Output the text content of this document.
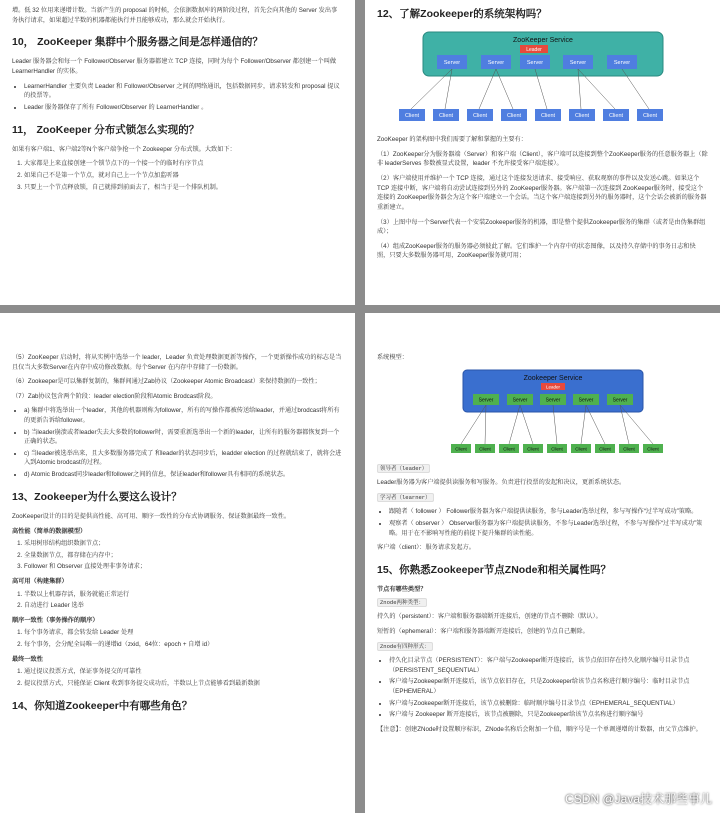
增。低 32 位用来递增计数。当新产生的 proposal 的时候，会依据数据库的两阶段过程，首先会向其他的 Server 发出事务执行请求，如果超过半数的机器都能执行并且能够成功，那么就会开始执行。

10， ZooKeeper 集群中个服务器之间是怎样通信的？

Leader 服务器会和每一个 Follower/Observer 服务器都建立 TCP 连接，同时为每个 Follower/Observer 都创建一个叫做 LearnerHandler 的实体。

• LearnerHandler 主要负责 Leader 和 Follower/Observer 之间的网络通讯，包括数据同步，请求转发和 proposal 提议的投票等。
• Leader 服务器保存了所有 Follower/Observer 的 LearnerHandler 。
11， ZooKeeper 分布式锁怎么实现的？

如果有客户端1、客户端2等N个客户端争抢一个 Zookeeper 分布式锁。大致如下：

1. 大家都是上来直接创建一个锁节点下的一个接一个的临时有序节点
2. 如果自己不是第一个节点，就对自己上一个节点加监听器
3. 只要上一个节点释放锁，自己就排到前面去了，相当于是一个排队机制。
12、了解Zookeeper的系统架构吗？
ZooKeeper Service
Leader
Server	Server	Server	Server	Server
Client	Client	Client	Client	Client	Client	Client	Client

ZooKeeper 的架构图中我们需要了解和掌握的主要有：

（1）ZooKeeper分为服务器端（Server）和客户端（Client），客户端可以连接到整个ZooKeeper服务的任意服务器上（除非 leaderServes 参数被显式设置，leader 不允许接受客户端连接）。

（2）客户端使用并维护一个 TCP 连接，通过这个连接发送请求、接受响应、获取观察的事件以及发送心跳。如果这个 TCP 连接中断，客户端将自动尝试连接到另外的 ZooKeeper服务器。客户端第一次连接到 ZooKeeper服务时，接受这个连接的 ZooKeeper服务器会为这个客户端建立一个会话。当这个客户端连接到另外的服务器时，这个会话会被新的服务器重新建立。

（3）上图中每一个Server代表一个安装Zookeeper服务的机器，即是整个提供Zookeeper服务的集群（或者是由伪集群组成）；

（4）组成ZooKeeper服务的服务器必须彼此了解。它们维护一个内存中的状态图像，以及持久存储中的事务日志和快照，只要大多数服务器可用，ZooKeeper服务就可用；

（5）ZooKeeper 启动时，将从实例中选举一个 leader，Leader 负责处理数据更新等操作，一个更新操作成功的标志是当且仅当大多数Server在内存中成功修改数据。每个Server 在内存中存储了一份数据。

（6）Zookeeper是可以集群复制的，集群间通过Zab协议（Zookeeper Atomic Broadcast）来保持数据的一致性；

（7）Zab协议包含两个阶段：leader election阶段和Atomic Brodcast阶段。

• a) 集群中将选举出一个leader，其他的机器则称为follower，所有的写操作都被传送给leader，并通过brodcast将所有的更新告诉给follower。
• b) 当leader崩溃或者leader失去大多数的follower时，需要重新选举出一个新的leader，让所有的服务器都恢复到一个正确的状态。
• c) 当leader被选举出来，且大多数服务器完成了 和leader的状态同步后，leadder election 的过程就结束了，就将会进入到Atomic brodcast的过程。
• d) Atomic Brodcast同步leader和follower之间的信息，保证leader和follower具有相同的系统状态。
13、Zookeeper为什么要这么设计？

ZooKeeper设计的目的是提供高性能、高可用、顺序一致性的分布式协调服务、保证数据最终一致性。

高性能（简单的数据模型）
1. 采用树形结构组织数据节点；
2. 全量数据节点，都存储在内存中；
3. Follower 和 Observer 直接处理非事务请求；
高可用（构建集群）
1. 半数以上机器存活，服务就能正常运行
2. 自动进行 Leader 选举
顺序一致性（事务操作的顺序）
1. 每个事务请求，都会转发给 Leader 处理
2. 每个事务，会分配全局唯一的递增id（zxid，64位：epoch + 自增 id）
最终一致性
1. 通过提议投票方式，保证事务提交的可靠性
2. 提议投票方式，只能保证 Client 收到事务提交成功后，半数以上节点能够看到最新数据
14、你知道Zookeeper中有哪些角色？

系统模型：

Zookeeper Service
Leader
Server	Server	Server	Server	Server
Client	Client	Client	Client	Client	Client	Client	Client	Client

领导者（leader）

Leader服务器为客户端提供读服务和写服务。负责进行投票的发起和决议，更新系统状态。

学习者（learner）

• 跟随者（ follower ） Follower服务器为客户端提供读服务，参与Leader选举过程，参与写操作“过半写成功”策略。
• 观察者（ observer ） Observer服务器为客户端提供读服务，不参与Leader选举过程，不参与写操作“过半写成功”策略。用于在不影响写性能的前提下提升集群的读性能。

客户端（client）：服务请求发起方。

15、你熟悉Zookeeper节点ZNode和相关属性吗？
节点有哪些类型？

Znode两种类型：

持久的（persistent）：客户端和服务器端断开连接后，创建的节点不删除（默认）。

短暂的（ephemeral）：客户端和服务器端断开连接后，创建的节点自己删除。

Znode有四种形式：

• 持久化目录节点（PERSISTENT）：客户端与Zookeeper断开连接后，该节点依旧存在持久化顺序编号目录节点（PERSISTENT_SEQUENTIAL）
• 客户端与Zookeeper断开连接后，该节点依旧存在，只是Zookeeper给该节点名称进行顺序编号：临时目录节点（EPHEMERAL）
• 客户端与Zookeeper断开连接后，该节点被删除：临时顺序编号目录节点（EPHEMERAL_SEQUENTIAL）
• 客户端与 Zookeeper 断开连接后，该节点被删除，只是Zookeeper给该节点名称进行顺序编号

【注意】：创建ZNode时设置顺序标识，ZNode名称后会附加一个值，顺序号是一个单调递增的计数器，由父节点维护。

CSDN @Java技术那些事儿
